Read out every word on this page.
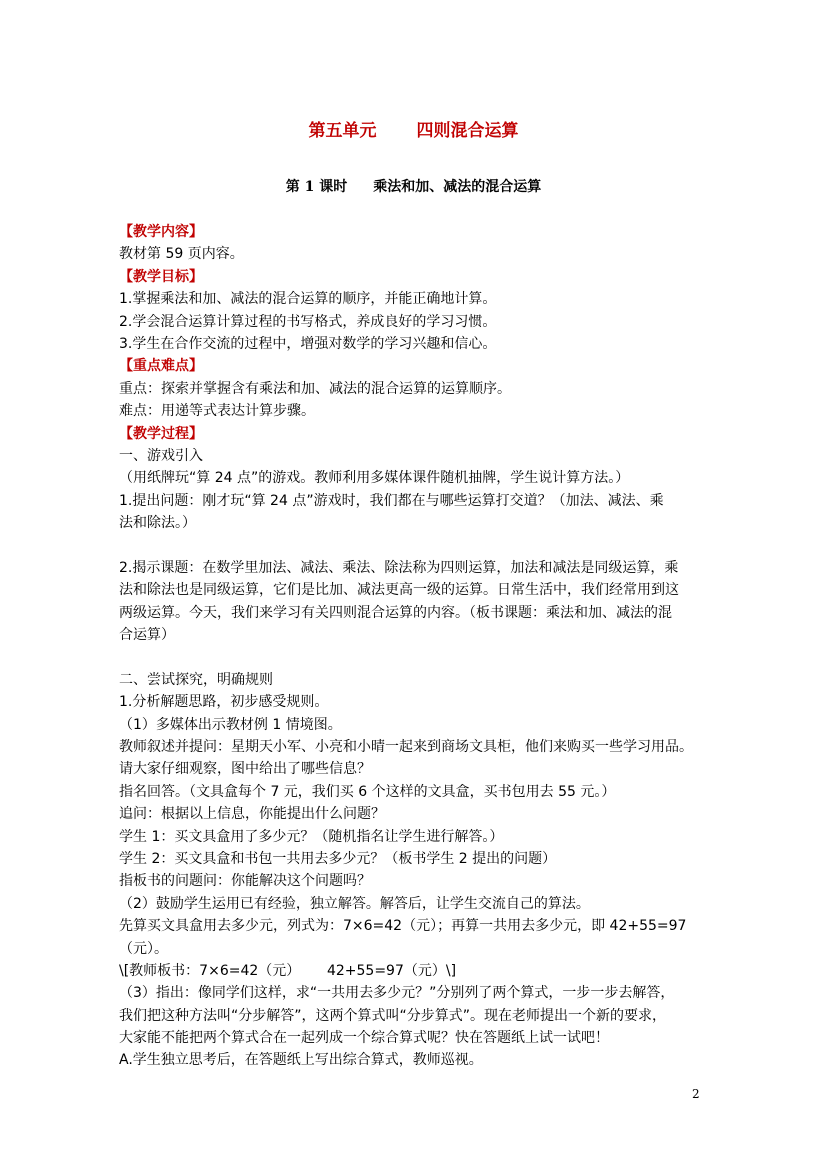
第五单元 四则混合运算
第 1 课时 乘法和加、减法的混合运算
【教学内容】
教材第 59 页内容。
【教学目标】
1.掌握乘法和加、减法的混合运算的顺序，并能正确地计算。
2.学会混合运算计算过程的书写格式，养成良好的学习习惯。
3.学生在合作交流的过程中，增强对数学的学习兴趣和信心。
【重点难点】
重点：探索并掌握含有乘法和加、减法的混合运算的运算顺序。
难点：用递等式表达计算步骤。
【教学过程】
一、游戏引入
（用纸牌玩“算 24 点”的游戏。教师利用多媒体课件随机抽牌，学生说计算方法。）
1.提出问题：刚才玩“算 24 点”游戏时，我们都在与哪些运算打交道？（加法、减法、乘
法和除法。）
2.揭示课题：在数学里加法、减法、乘法、除法称为四则运算，加法和减法是同级运算，乘
法和除法也是同级运算，它们是比加、减法更高一级的运算。日常生活中，我们经常用到这
两级运算。今天，我们来学习有关四则混合运算的内容。（板书课题：乘法和加、减法的混
合运算）
二、尝试探究，明确规则
1.分析解题思路，初步感受规则。
（1）多媒体出示教材例 1 情境图。
教师叙述并提问：星期天小军、小亮和小晴一起来到商场文具柜，他们来购买一些学习用品。
请大家仔细观察，图中给出了哪些信息？
指名回答。（文具盒每个 7 元，我们买 6 个这样的文具盒，买书包用去 55 元。）
追问：根据以上信息，你能提出什么问题？
学生 1：买文具盒用了多少元？（随机指名让学生进行解答。）
学生 2：买文具盒和书包一共用去多少元？（板书学生 2 提出的问题）
指板书的问题问：你能解决这个问题吗？
（2）鼓励学生运用已有经验，独立解答。解答后，让学生交流自己的算法。
先算买文具盒用去多少元，列式为：7×6=42（元）；再算一共用去多少元，即 42+55=97
（元）。
\[教师板书：7×6=42（元）      42+55=97（元）\]
（3）指出：像同学们这样，求“一共用去多少元？”分别列了两个算式，一步一步去解答，
我们把这种方法叫“分步解答”，这两个算式叫“分步算式”。现在老师提出一个新的要求，
大家能不能把两个算式合在一起列成一个综合算式呢？快在答题纸上试一试吧！
A.学生独立思考后，在答题纸上写出综合算式，教师巡视。
2
